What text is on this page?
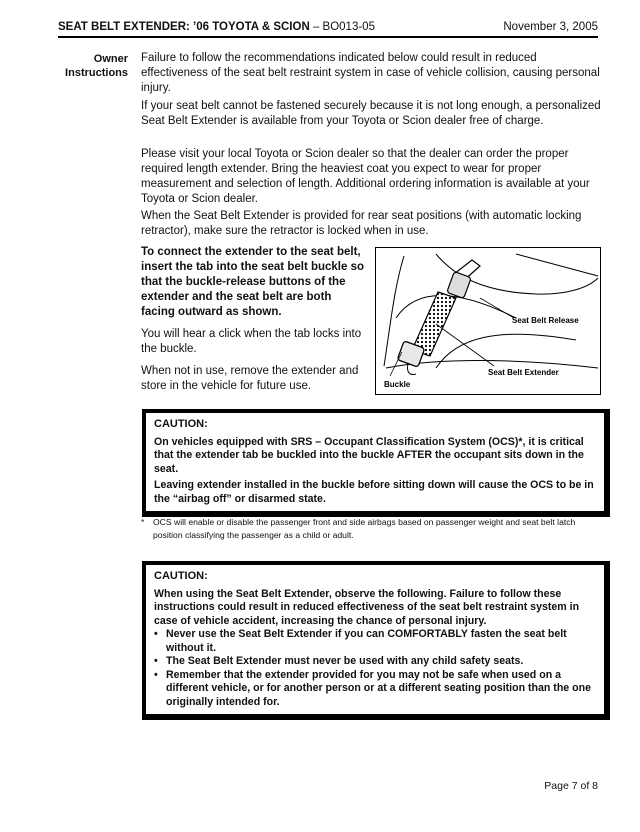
SEAT BELT EXTENDER: ’06 TOYOTA & SCION – BO013-05	November 3, 2005
Owner
Instructions

Failure to follow the recommendations indicated below could result in reduced effectiveness of the seat belt restraint system in case of vehicle collision, causing personal injury.

If your seat belt cannot be fastened securely because it is not long enough, a personalized Seat Belt Extender is available from your Toyota or Scion dealer free of charge.

Please visit your local Toyota or Scion dealer so that the dealer can order the proper required length extender. Bring the heaviest coat you expect to wear for proper measurement and selection of length. Additional ordering information is available at your Toyota or Scion dealer.

When the Seat Belt Extender is provided for rear seat positions (with automatic locking retractor), make sure the retractor is locked when in use.

To connect the extender to the seat belt, insert the tab into the seat belt buckle so that the buckle-release buttons of the extender and the seat belt are both facing outward as shown.

You will hear a click when the tab locks into the buckle.

When not in use, remove the extender and store in the vehicle for future use.

Seat Belt Release
Seat Belt Extender
Buckle

CAUTION:

On vehicles equipped with SRS – Occupant Classification System (OCS)*, it is critical that the extender tab be buckled into the buckle AFTER the occupant sits down in the seat.

Leaving extender installed in the buckle before sitting down will cause the OCS to be in the “airbag off” or disarmed state.

*	OCS will enable or disable the passenger front and side airbags based on passenger weight and seat belt latch position classifying the passenger as a child or adult.

CAUTION:

When using the Seat Belt Extender, observe the following. Failure to follow these instructions could result in reduced effectiveness of the seat belt restraint system in case of vehicle accident, increasing the chance of personal injury.

• Never use the Seat Belt Extender if you can COMFORTABLY fasten the seat belt without it.
• The Seat Belt Extender must never be used with any child safety seats.
• Remember that the extender provided for you may not be safe when used on a different vehicle, or for another person or at a different seating position than the one originally intended for.
Page 7 of 8
